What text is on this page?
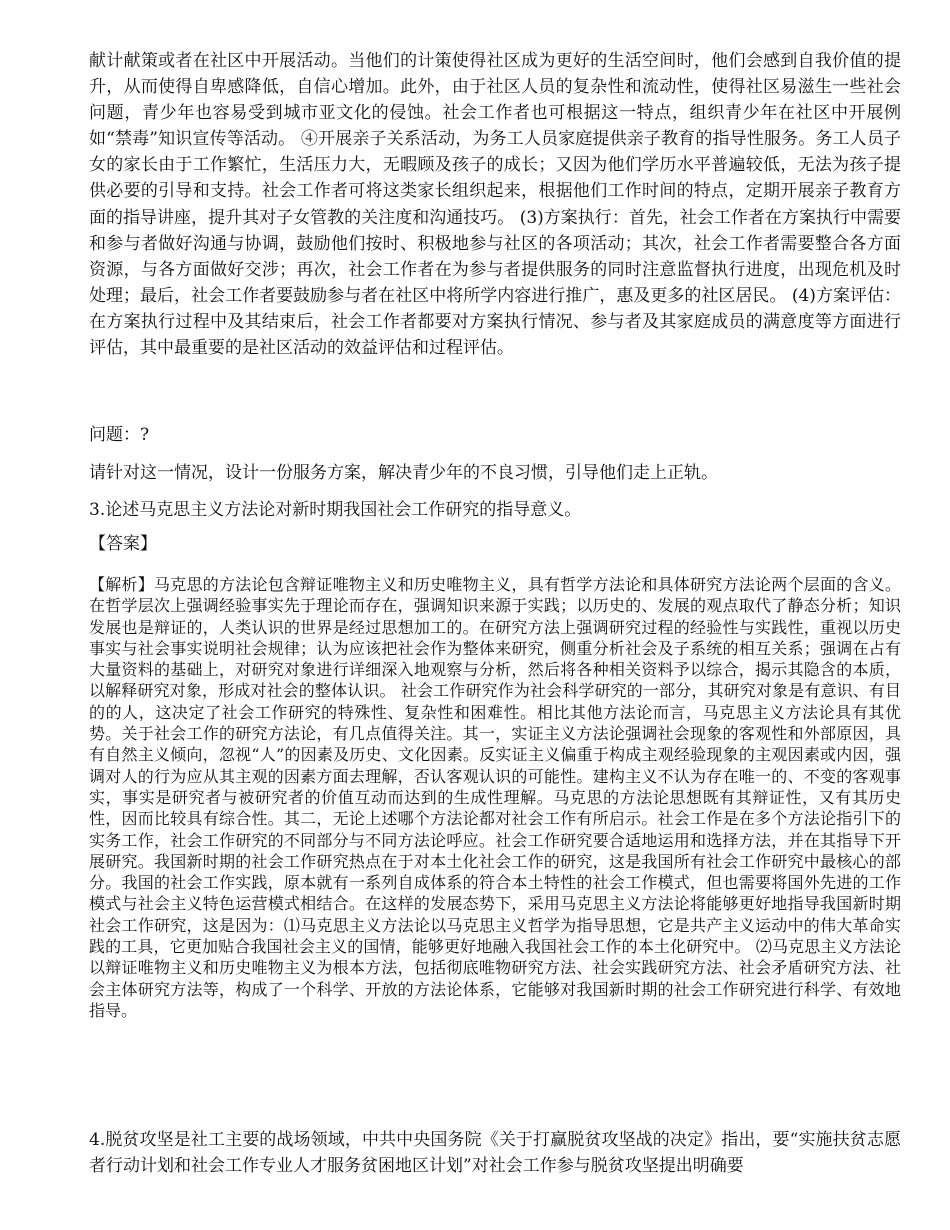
献计献策或者在社区中开展活动。当他们的计策使得社区成为更好的生活空间时，他们会感到自我价值的提升，从而使得自卑感降低，自信心增加。此外，由于社区人员的复杂性和流动性，使得社区易滋生一些社会问题，青少年也容易受到城市亚文化的侵蚀。社会工作者也可根据这一特点，组织青少年在社区中开展例如“禁毒”知识宣传等活动。 ④开展亲子关系活动，为务工人员家庭提供亲子教育的指导性服务。务工人员子女的家长由于工作繁忙，生活压力大，无暇顾及孩子的成长；又因为他们学历水平普遍较低，无法为孩子提供必要的引导和支持。社会工作者可将这类家长组织起来，根据他们工作时间的特点，定期开展亲子教育方面的指导讲座，提升其对子女管教的关注度和沟通技巧。 (3)方案执行：首先，社会工作者在方案执行中需要和参与者做好沟通与协调，鼓励他们按时、积极地参与社区的各项活动；其次，社会工作者需要整合各方面资源，与各方面做好交涉；再次，社会工作者在为参与者提供服务的同时注意监督执行进度，出现危机及时处理；最后，社会工作者要鼓励参与者在社区中将所学内容进行推广，惠及更多的社区居民。 (4)方案评估：在方案执行过程中及其结束后，社会工作者都要对方案执行情况、参与者及其家庭成员的满意度等方面进行评估，其中最重要的是社区活动的效益评估和过程评估。

问题：?

请针对这一情况，设计一份服务方案，解决青少年的不良习惯，引导他们走上正轨。

3.论述马克思主义方法论对新时期我国社会工作研究的指导意义。

【答案】

【解析】马克思的方法论包含辩证唯物主义和历史唯物主义，具有哲学方法论和具体研究方法论两个层面的含义。在哲学层次上强调经验事实先于理论而存在，强调知识来源于实践；以历史的、发展的观点取代了静态分析；知识发展也是辩证的，人类认识的世界是经过思想加工的。在研究方法上强调研究过程的经验性与实践性，重视以历史事实与社会事实说明社会规律；认为应该把社会作为整体来研究，侧重分析社会及子系统的相互关系；强调在占有大量资料的基础上，对研究对象进行详细深入地观察与分析，然后将各种相关资料予以综合，揭示其隐含的本质，以解释研究对象，形成对社会的整体认识。 社会工作研究作为社会科学研究的一部分，其研究对象是有意识、有目的的人，这决定了社会工作研究的特殊性、复杂性和困难性。相比其他方法论而言，马克思主义方法论具有其优势。关于社会工作的研究方法论，有几点值得关注。其一，实证主义方法论强调社会现象的客观性和外部原因，具有自然主义倾向，忽视“人”的因素及历史、文化因素。反实证主义偏重于构成主观经验现象的主观因素或内因，强调对人的行为应从其主观的因素方面去理解，否认客观认识的可能性。建构主义不认为存在唯一的、不变的客观事实，事实是研究者与被研究者的价值互动而达到的生成性理解。马克思的方法论思想既有其辩证性，又有其历史性，因而比较具有综合性。其二，无论上述哪个方法论都对社会工作有所启示。社会工作是在多个方法论指引下的实务工作，社会工作研究的不同部分与不同方法论呼应。社会工作研究要合适地运用和选择方法，并在其指导下开展研究。我国新时期的社会工作研究热点在于对本土化社会工作的研究，这是我国所有社会工作研究中最核心的部分。我国的社会工作实践，原本就有一系列自成体系的符合本土特性的社会工作模式，但也需要将国外先进的工作模式与社会主义特色运营模式相结合。在这样的发展态势下，采用马克思主义方法论将能够更好地指导我国新时期社会工作研究，这是因为：⑴马克思主义方法论以马克思主义哲学为指导思想，它是共产主义运动中的伟大革命实践的工具，它更加贴合我国社会主义的国情，能够更好地融入我国社会工作的本土化研究中。 ⑵马克思主义方法论以辩证唯物主义和历史唯物主义为根本方法，包括彻底唯物研究方法、社会实践研究方法、社会矛盾研究方法、社会主体研究方法等，构成了一个科学、开放的方法论体系，它能够对我国新时期的社会工作研究进行科学、有效地指导。

4.脱贫攻坚是社工主要的战场领域，中共中央国务院《关于打赢脱贫攻坚战的决定》指出，要“实施扶贫志愿者行动计划和社会工作专业人才服务贫困地区计划”对社会工作参与脱贫攻坚提出明确要
